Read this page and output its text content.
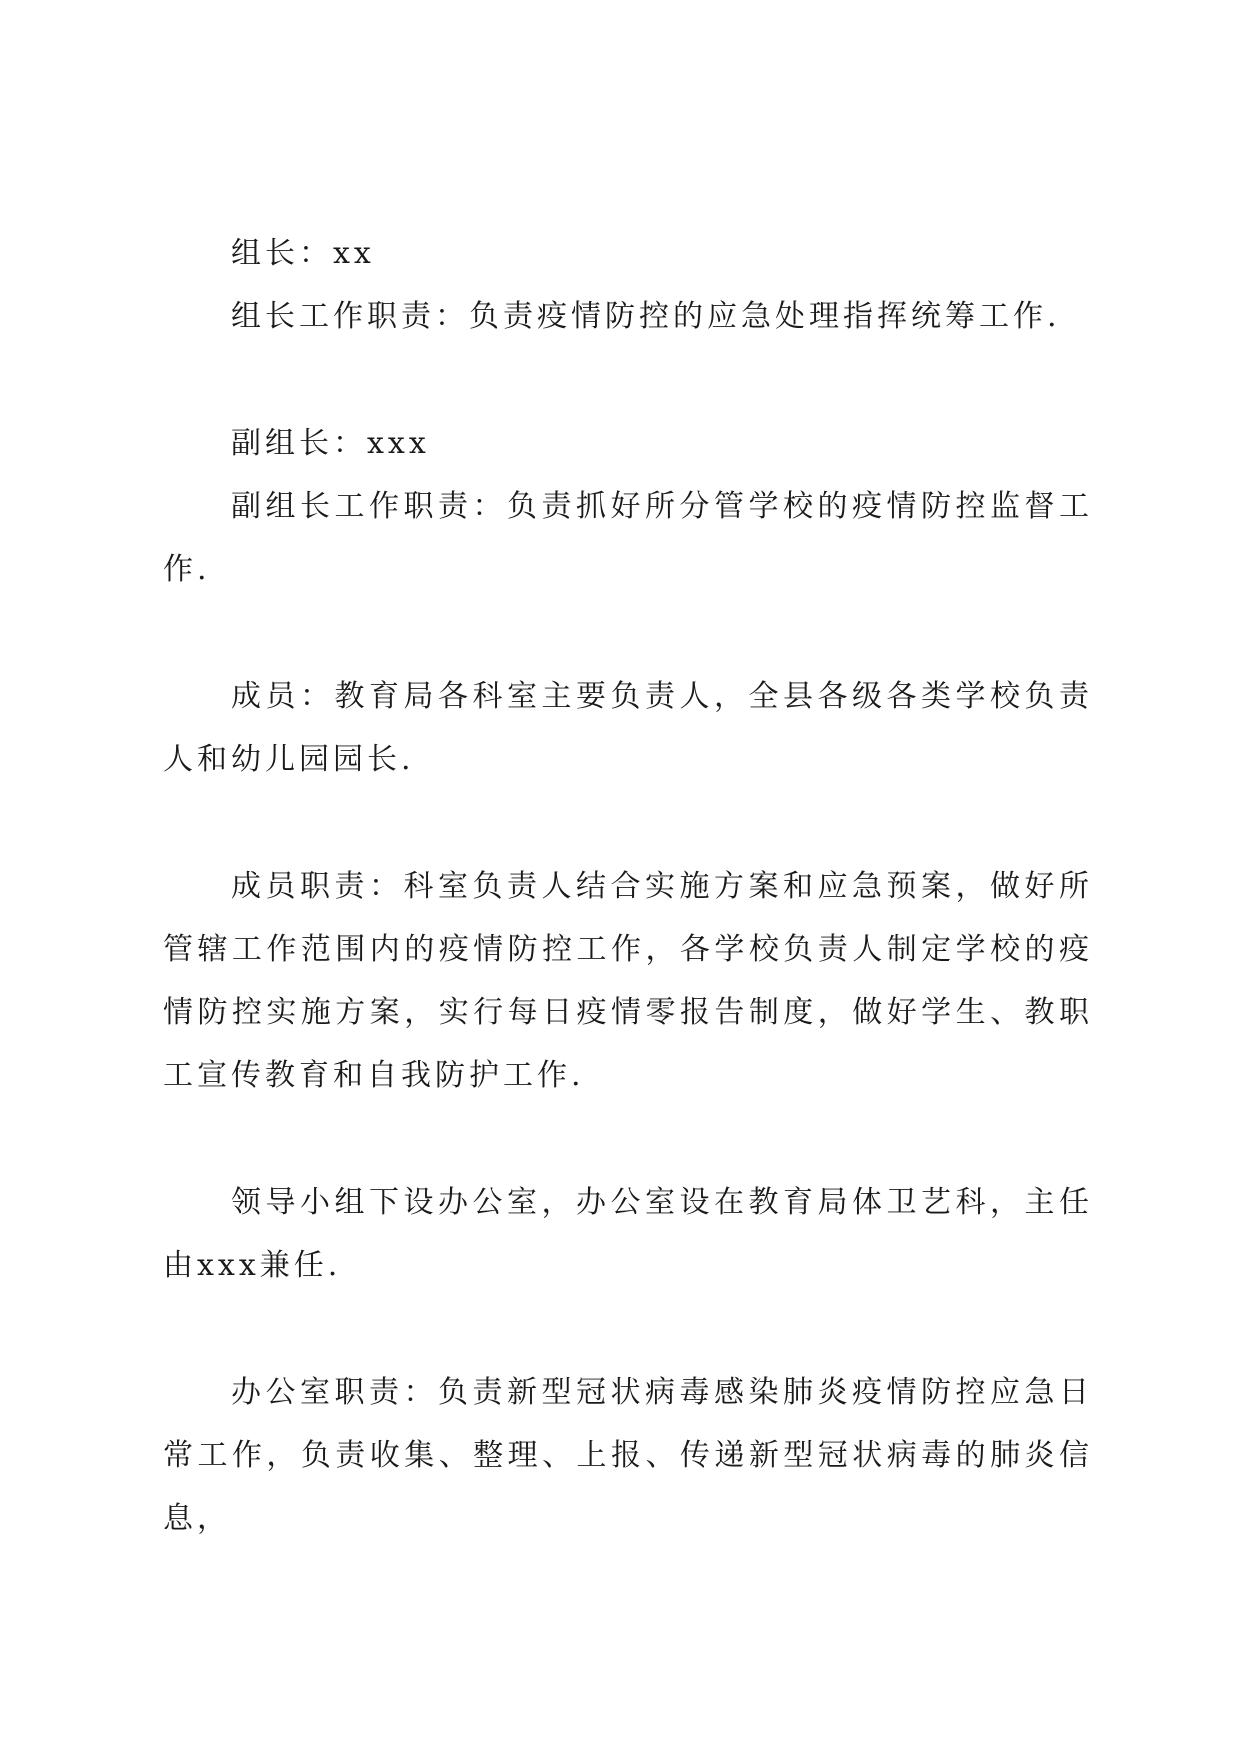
组长：xx

组长工作职责：负责疫情防控的应急处理指挥统筹工作.

副组长：xxx

副组长工作职责：负责抓好所分管学校的疫情防控监督工作.

成员：教育局各科室主要负责人，全县各级各类学校负责人和幼儿园园长.

成员职责：科室负责人结合实施方案和应急预案，做好所管辖工作范围内的疫情防控工作，各学校负责人制定学校的疫情防控实施方案，实行每日疫情零报告制度，做好学生、教职工宣传教育和自我防护工作.

领导小组下设办公室，办公室设在教育局体卫艺科，主任由xxx兼任.

办公室职责：负责新型冠状病毒感染肺炎疫情防控应急日常工作，负责收集、整理、上报、传递新型冠状病毒的肺炎信息，
